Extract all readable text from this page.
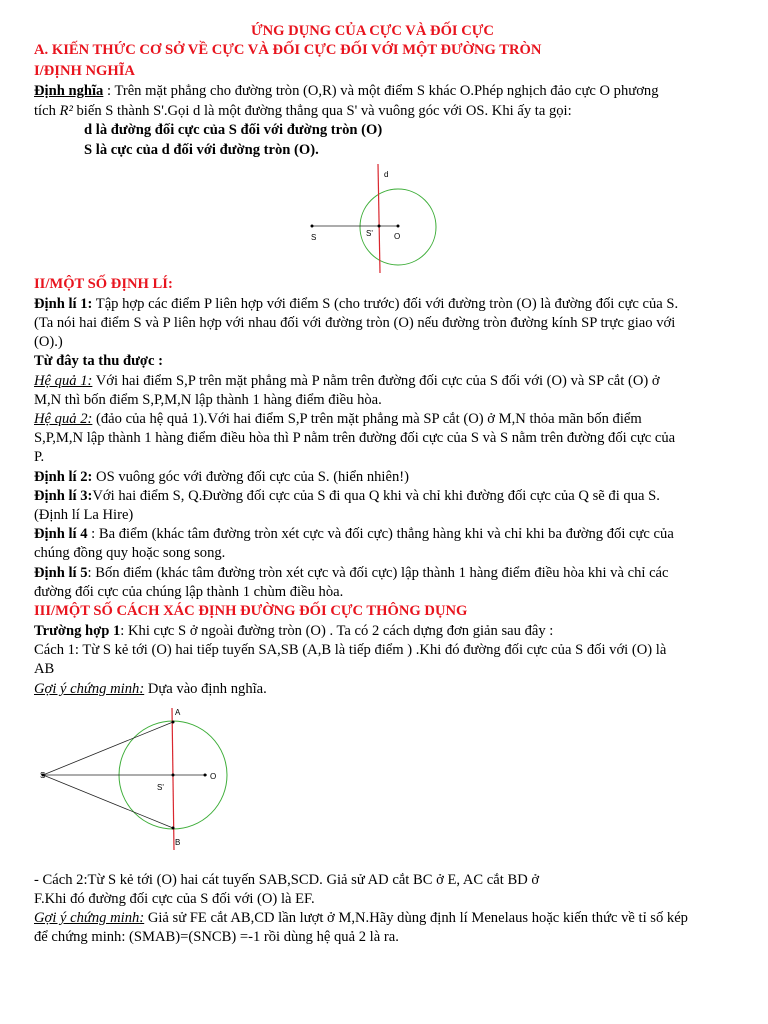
ỨNG DỤNG CỦA CỰC VÀ ĐỐI CỰC
A. KIẾN THỨC CƠ SỞ VỀ CỰC VÀ ĐỐI CỰC ĐỐI VỚI MỘT ĐƯỜNG TRÒN
I/ĐỊNH NGHĨA
Định nghĩa : Trên mặt phẳng cho đường tròn (O,R) và một điểm S khác O.Phép nghịch đảo cực O phương
tích R² biến S thành S'.Gọi d là một đường thẳng qua S' và vuông góc với OS. Khi ấy ta gọi:
d là đường đối cực của S đối với đường tròn (O)
S là cực của d đối với đường tròn (O).
d
S	S'	O
II/MỘT SỐ ĐỊNH LÍ:
Định lí 1: Tập hợp các điểm P liên hợp với điểm S (cho trước) đối với đường tròn (O) là đường đối cực của S.
(Ta nói hai điểm S và P liên hợp với nhau đối với đường tròn (O) nếu đường tròn đường kính SP trực giao với
(O).)
Từ đây ta thu được :
Hệ quả 1: Với hai điểm S,P trên mặt phẳng mà P nằm trên đường đối cực của S đối với (O) và SP cắt (O) ở
M,N thì bốn điểm S,P,M,N lập thành 1 hàng điểm điều hòa.
Hệ quả 2: (đảo của hệ quả 1).Với hai điểm S,P trên mặt phẳng mà SP cắt (O) ở M,N thỏa mãn bốn điểm
S,P,M,N lập thành 1 hàng điểm điều hòa thì P nằm trên đường đối cực của S và S nằm trên đường đối cực của
P.
Định lí 2: OS vuông góc với đường đối cực của S. (hiển nhiên!)
Định lí 3:Với hai điểm S, Q.Đường đối cực của S đi qua Q khi và chỉ khi đường đối cực của Q sẽ đi qua S.
(Định lí La Hire)
Định lí 4 : Ba điểm (khác tâm đường tròn xét cực và đối cực) thẳng hàng khi và chỉ khi ba đường đối cực của
chúng đồng quy hoặc song song.
Định lí 5: Bốn điểm (khác tâm đường tròn xét cực và đối cực) lập thành 1 hàng điểm điều hòa khi và chỉ các
đường đối cực của chúng lập thành 1 chùm điều hòa.
III/MỘT SỐ CÁCH XÁC ĐỊNH ĐƯỜNG ĐỐI CỰC THÔNG DỤNG
Trường hợp 1: Khi cực S ở ngoài đường tròn (O) . Ta có 2 cách dựng đơn giản sau đây :
Cách 1: Từ S kẻ tới (O) hai tiếp tuyến SA,SB (A,B là tiếp điểm ) .Khi đó đường đối cực của S đối với (O) là
AB
Gợi ý chứng minh: Dựa vào định nghĩa.
A
B
S
S'
O
- Cách 2:Từ S kẻ tới (O) hai cát tuyến SAB,SCD. Giả sử AD cắt BC ở E, AC cắt BD ở
F.Khi đó đường đối cực của S đối với (O) là EF.
Gợi ý chứng minh: Giả sử FE cắt AB,CD lần lượt ở M,N.Hãy dùng định lí Menelaus hoặc kiến thức về tỉ số kép
để chứng minh: (SMAB)=(SNCB) =-1 rồi dùng hệ quả 2 là ra.
